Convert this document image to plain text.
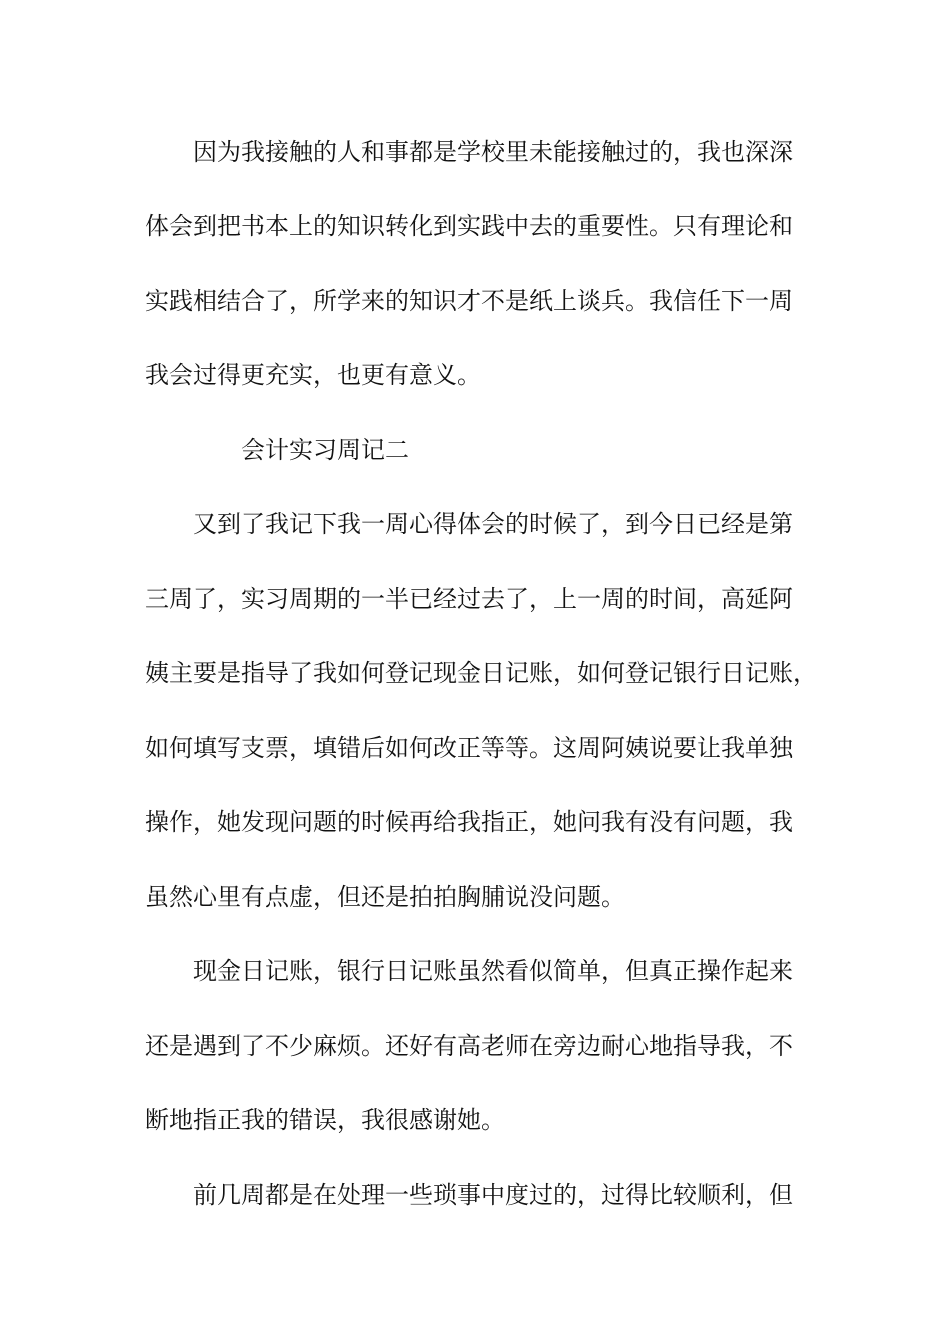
因为我接触的人和事都是学校里未能接触过的，我也深深
体会到把书本上的知识转化到实践中去的重要性。只有理论和
实践相结合了，所学来的知识才不是纸上谈兵。我信任下一周
我会过得更充实，也更有意义。
会计实习周记二
又到了我记下我一周心得体会的时候了，到今日已经是第
三周了，实习周期的一半已经过去了，上一周的时间，高延阿
姨主要是指导了我如何登记现金日记账，如何登记银行日记账，
如何填写支票，填错后如何改正等等。这周阿姨说要让我单独
操作，她发现问题的时候再给我指正，她问我有没有问题，我
虽然心里有点虚，但还是拍拍胸脯说没问题。
现金日记账，银行日记账虽然看似简单，但真正操作起来
还是遇到了不少麻烦。还好有高老师在旁边耐心地指导我，不
断地指正我的错误，我很感谢她。
前几周都是在处理一些琐事中度过的，过得比较顺利，但
